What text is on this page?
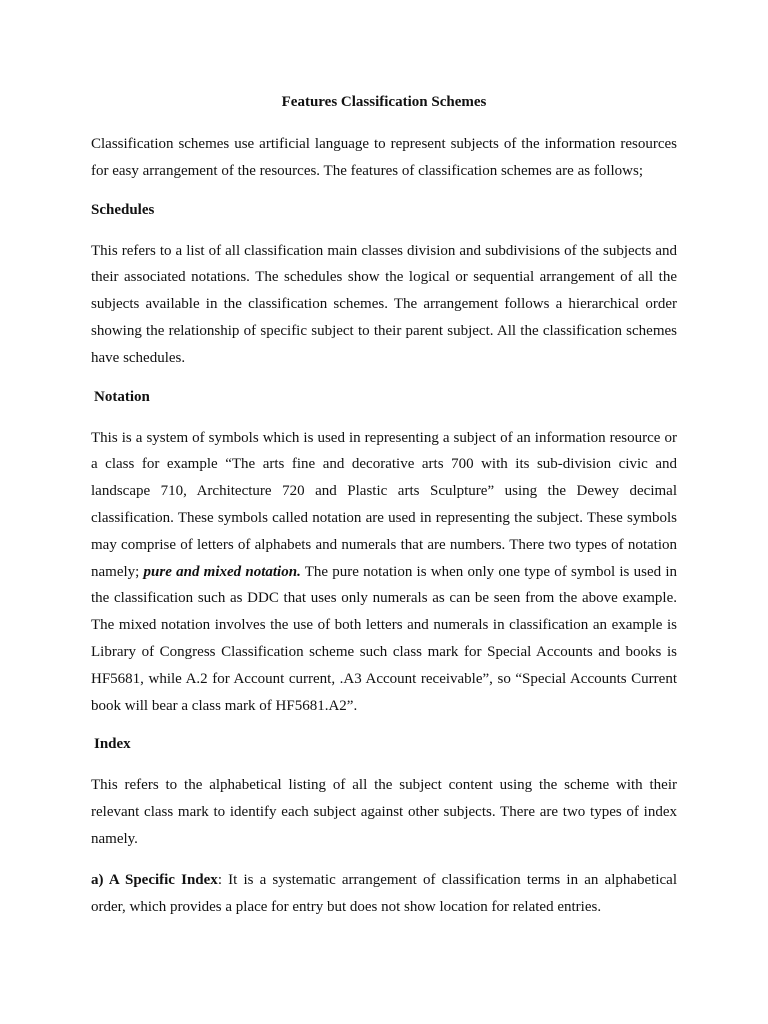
Features Classification Schemes

Classification schemes use artificial language to represent subjects of the information resources for easy arrangement of the resources. The features of classification schemes are as follows;

Schedules

This refers to a list of all classification main classes division and subdivisions of the subjects and their associated notations. The schedules show the logical or sequential arrangement of all the subjects available in the classification schemes. The arrangement follows a hierarchical order showing the relationship of specific subject to their parent subject. All the classification schemes have schedules.

Notation

This is a system of symbols which is used in representing a subject of an information resource or a class for example “The arts fine and decorative arts 700 with its sub-division civic and landscape 710, Architecture 720 and Plastic arts Sculpture” using the Dewey decimal classification. These symbols called notation are used in representing the subject. These symbols may comprise of letters of alphabets and numerals that are numbers. There two types of notation namely; pure and mixed notation. The pure notation is when only one type of symbol is used in the classification such as DDC that uses only numerals as can be seen from the above example. The mixed notation involves the use of both letters and numerals in classification an example is Library of Congress Classification scheme such class mark for Special Accounts and books is HF5681, while A.2 for Account current, .A3 Account receivable”, so “Special Accounts Current book will bear a class mark of HF5681.A2”.

Index

This refers to the alphabetical listing of all the subject content using the scheme with their relevant class mark to identify each subject against other subjects. There are two types of index namely.

a) A Specific Index: It is a systematic arrangement of classification terms in an alphabetical order, which provides a place for entry but does not show location for related entries.
